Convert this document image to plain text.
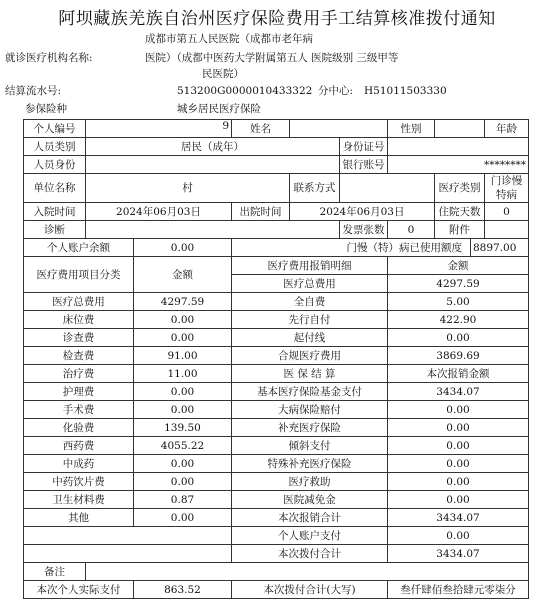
阿坝藏族羌族自治州医疗保险费用手工结算核准拨付通知
成都市第五人民医院（成都市老年病
就诊医疗机构名称:	医院）（成都中医药大学附属第五人 医院级别 三级甲等
民医院）
结算流水号:	513200G0000010433322 分中心: H51011503330
参保险种	城乡居民医疗保险
个人编号	9		姓名			性别			年龄
人员类别	居民（成年）				身份证号				
人员身份					银行账号	********			
单位名称	村			联系方式			医疗类别		门诊慢特病
入院时间	2024年06月03日		出院时间	2024年06月03日			住院天数		0
诊断					发票张数	0	附件		
个人账户余额		0.00	门慢（特）病已使用额度					8897.00	
医疗费用项目分类		金额	医疗费用报销明细			金额			
			医疗总费用			4297.59			
医疗总费用		4297.59	全自费			5.00			
床位费		0.00	先行自付			422.90			
诊查费		0.00	起付线			0.00			
检查费		91.00	合规医疗费用			3869.69			
治疗费		11.00	医 保 结 算			本次报销金额			
护理费		0.00	基本医疗保险基金支付			3434.07			
手术费		0.00	大病保险赔付			0.00			
化验费		139.50	补充医疗保险			0.00			
西药费		4055.22	倾斜支付			0.00			
中成药		0.00	特殊补充医疗保险			0.00			
中药饮片费		0.00	医疗救助			0.00			
卫生材料费		0.87	医院减免金			0.00			
其他		0.00	本次报销合计			3434.07			
			个人账户支付			0.00			
			本次拨付合计			3434.07			
备注									
本次个人实际支付		863.52	本次拨付合计(大写)			叁仟肆佰叁拾肆元零柒分			
